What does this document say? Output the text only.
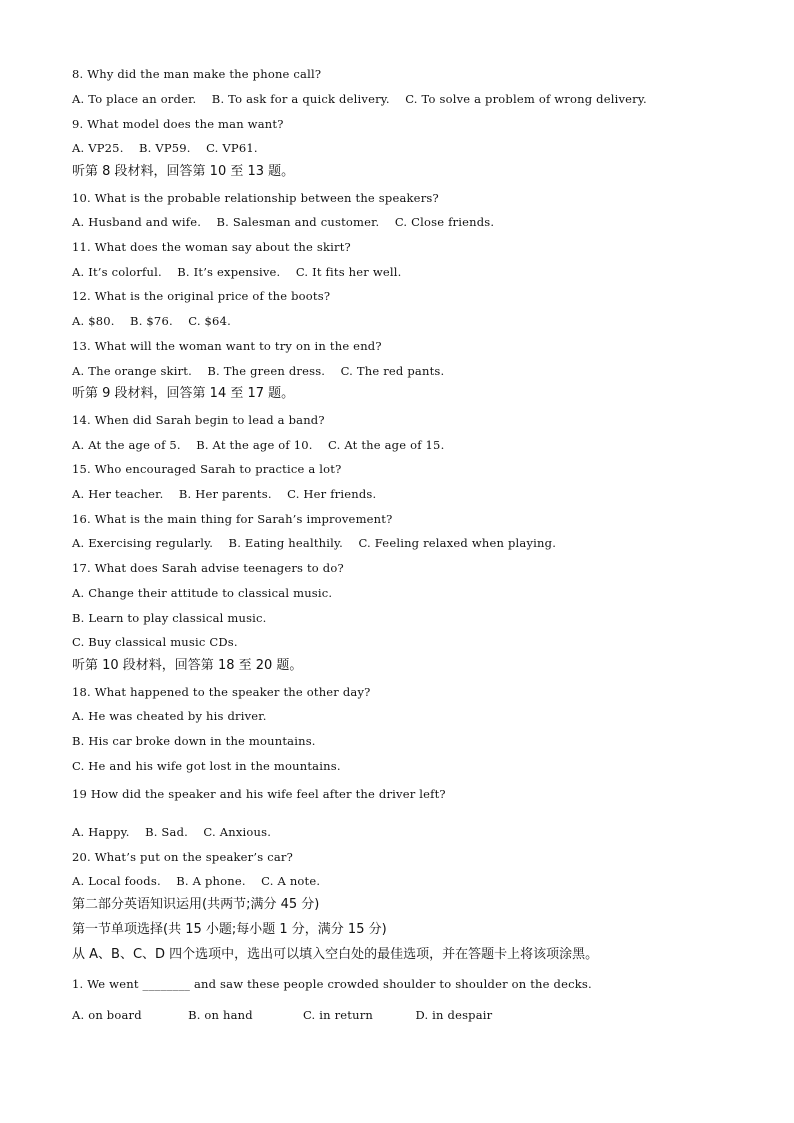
8. Why did the man make the phone call?
A. To place an order.    B. To ask for a quick delivery.    C. To solve a problem of wrong delivery.
9. What model does the man want?
A. VP25.    B. VP59.    C. VP61.
听第 8 段材料，回答第 10 至 13 题。
10. What is the probable relationship between the speakers?
A. Husband and wife.    B. Salesman and customer.    C. Close friends.
11. What does the woman say about the skirt?
A. It’s colorful.    B. It’s expensive.    C. It fits her well.
12. What is the original price of the boots?
A. $80.    B. $76.    C. $64.
13. What will the woman want to try on in the end?
A. The orange skirt.    B. The green dress.    C. The red pants.
听第 9 段材料，回答第 14 至 17 题。
14. When did Sarah begin to lead a band?
A. At the age of 5.    B. At the age of 10.    C. At the age of 15.
15. Who encouraged Sarah to practice a lot?
A. Her teacher.    B. Her parents.    C. Her friends.
16. What is the main thing for Sarah’s improvement?
A. Exercising regularly.    B. Eating healthily.    C. Feeling relaxed when playing.
17. What does Sarah advise teenagers to do?
A. Change their attitude to classical music.
B. Learn to play classical music.
C. Buy classical music CDs.
听第 10 段材料，回答第 18 至 20 题。
18. What happened to the speaker the other day?
A. He was cheated by his driver.
B. His car broke down in the mountains.
C. He and his wife got lost in the mountains.
19 How did the speaker and his wife feel after the driver left?
A. Happy.    B. Sad.    C. Anxious.
20. What’s put on the speaker’s car?
A. Local foods.    B. A phone.    C. A note.
第二部分英语知识运用(共两节;满分 45 分)
第一节单项选择(共 15 小题;每小题 1 分，满分 15 分)
从 A、B、C、D 四个选项中，选出可以填入空白处的最佳选项，并在答题卡上将该项涂黑。
1. We went ________ and saw these people crowded shoulder to shoulder on the decks.
A. on board            B. on hand             C. in return           D. in despair
